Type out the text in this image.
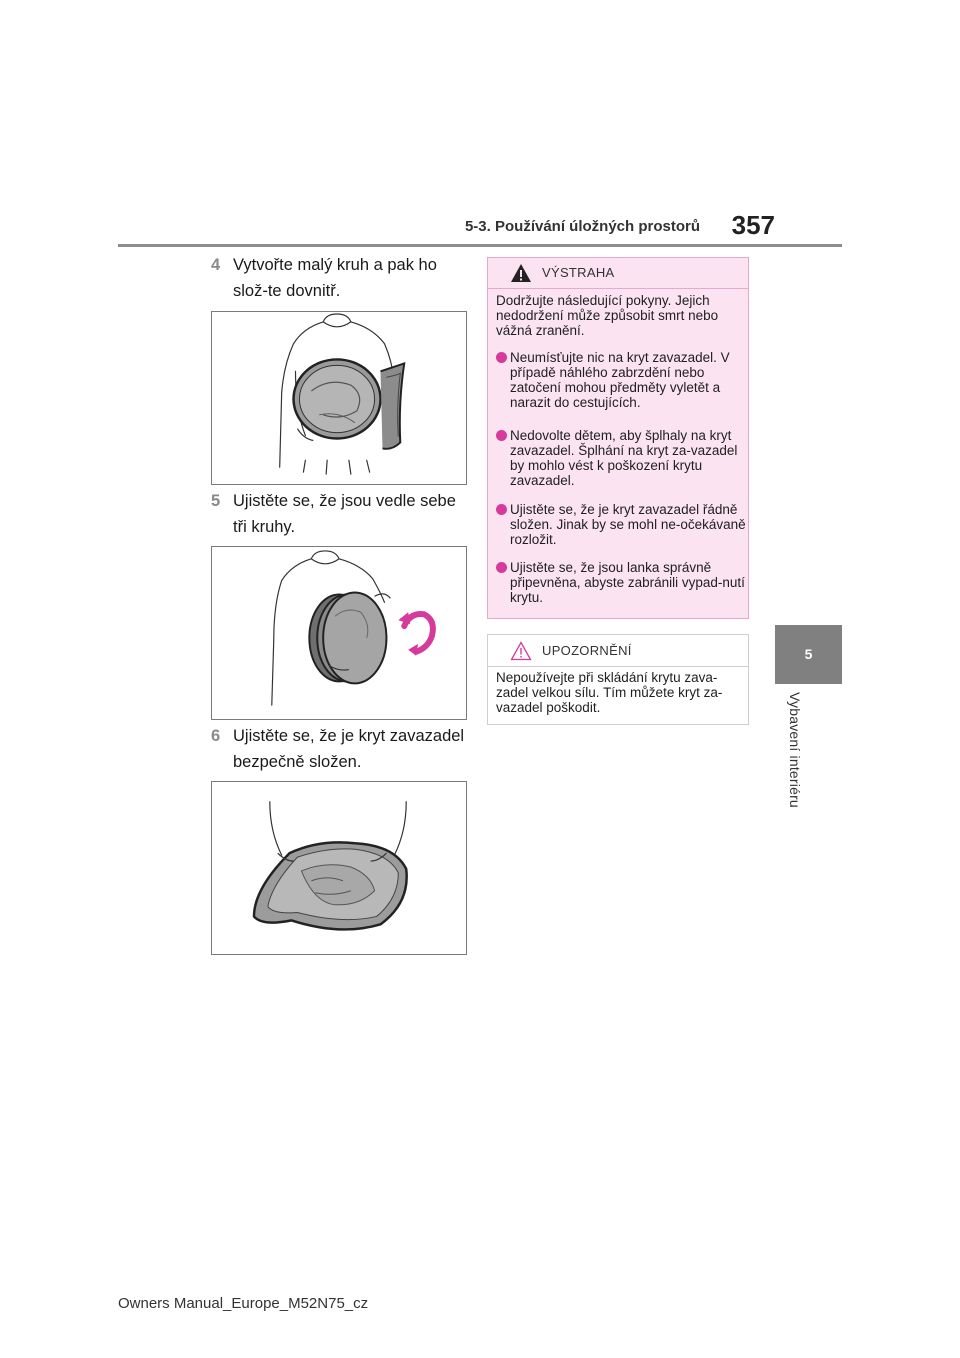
5-3. Používání úložných prostorů	357
5
Vybavení interiéru
4 Vytvořte malý kruh a pak ho slož-te dovnitř.
5 Ujistěte se, že jsou vedle sebe tři kruhy.
6 Ujistěte se, že je kryt zavazadel bezpečně složen.
VÝSTRAHA
Dodržujte následující pokyny. Jejich nedodržení může způsobit smrt nebo vážná zranění.
Neumísťujte nic na kryt zavazadel. V případě náhlého zabrzdění nebo zatočení mohou předměty vyletět a narazit do cestujících.
Nedovolte dětem, aby šplhaly na kryt zavazadel. Šplhání na kryt za-vazadel by mohlo vést k poškození krytu zavazadel.
Ujistěte se, že je kryt zavazadel řádně složen. Jinak by se mohl ne-očekávaně rozložit.
Ujistěte se, že jsou lanka správně připevněna, abyste zabránili vypad-nutí krytu.
UPOZORNĚNÍ
Nepoužívejte při skládání krytu zava-zadel velkou sílu. Tím můžete kryt za-vazadel poškodit.
Owners Manual_Europe_M52N75_cz
